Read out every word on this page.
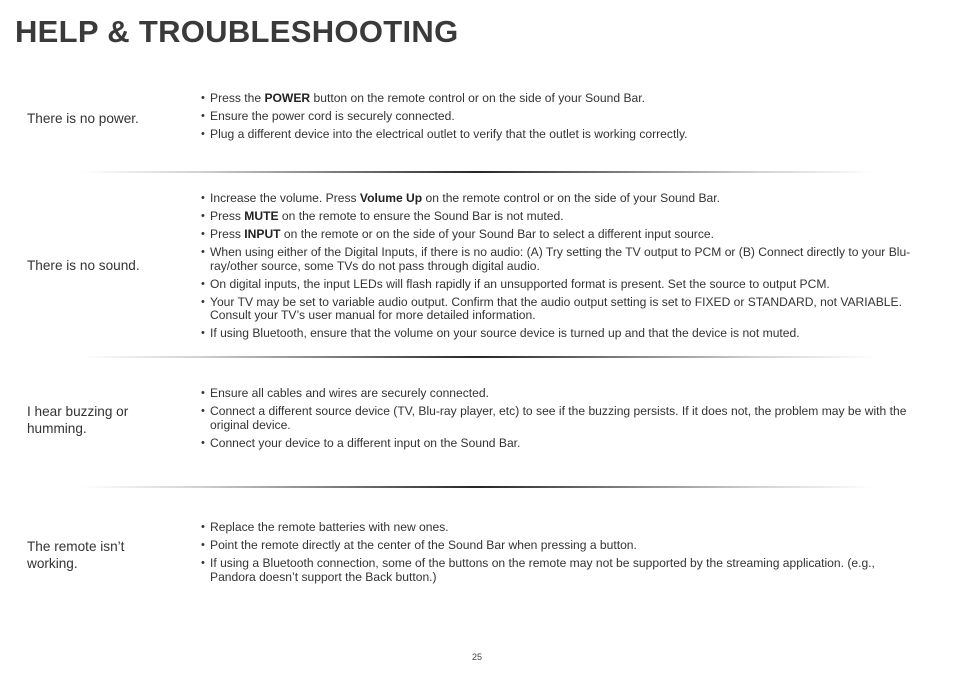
HELP & TROUBLESHOOTING
There is no power.
• Press the POWER button on the remote control or on the side of your Sound Bar.
• Ensure the power cord is securely connected.
• Plug a different device into the electrical outlet to verify that the outlet is working correctly.
There is no sound.
• Increase the volume. Press Volume Up on the remote control or on the side of your Sound Bar.
• Press MUTE on the remote to ensure the Sound Bar is not muted.
• Press INPUT on the remote or on the side of your Sound Bar to select a different input source.
• When using either of the Digital Inputs, if there is no audio: (A) Try setting the TV output to PCM or (B) Connect directly to your Blu-ray/other source, some TVs do not pass through digital audio.
• On digital inputs, the input LEDs will flash rapidly if an unsupported format is present. Set the source to output PCM.
• Your TV may be set to variable audio output. Confirm that the audio output setting is set to FIXED or STANDARD, not VARIABLE. Consult your TV’s user manual for more detailed information.
• If using Bluetooth, ensure that the volume on your source device is turned up and that the device is not muted.
I hear buzzing or humming.
• Ensure all cables and wires are securely connected.
• Connect a different source device (TV, Blu-ray player, etc) to see if the buzzing persists. If it does not, the problem may be with the original device.
• Connect your device to a different input on the Sound Bar.
The remote isn’t working.
• Replace the remote batteries with new ones.
• Point the remote directly at the center of the Sound Bar when pressing a button.
• If using a Bluetooth connection, some of the buttons on the remote may not be supported by the streaming application. (e.g., Pandora doesn’t support the Back button.)
25
